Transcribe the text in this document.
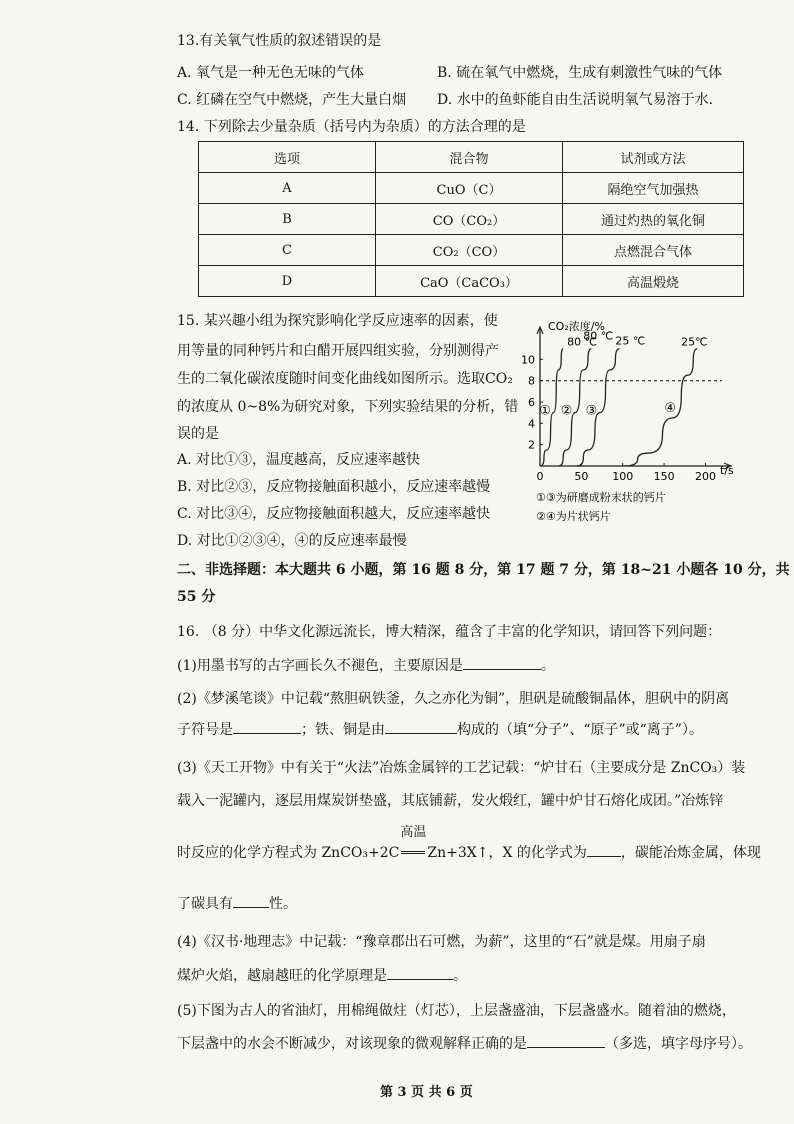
13.有关氧气性质的叙述错误的是
A. 氧气是一种无色无味的气体	B. 硫在氧气中燃烧，生成有刺激性气味的气体
C. 红磷在空气中燃烧，产生大量白烟 D. 水中的鱼虾能自由生活说明氧气易溶于水.
14. 下列除去少量杂质（括号内为杂质）的方法合理的是
选项	混合物	试剂或方法
A	CuO（C）	隔绝空气加强热
B	CO（CO₂）	通过灼热的氧化铜
C	CO₂（CO）	点燃混合气体
D	CaO（CaCO₃）	高温煅烧
15. 某兴趣小组为探究影响化学反应速率的因素，使
用等量的同种钙片和白醋开展四组实验，分别测得产
生的二氧化碳浓度随时间变化曲线如图所示。选取CO₂
的浓度从 0~8%为研究对象，下列实验结果的分析，错
误的是
A. 对比①③，温度越高，反应速率越快
B. 对比②③，反应物接触面积越小，反应速率越慢
C. 对比③④，反应物接触面积越大，反应速率越快
D. 对比①②③④，④的反应速率最慢
0	50 100 150 200
2
4
6
8
10
①
80 ℃
②
80 ℃
③
25 ℃
④
25℃
CO₂浓度/%
t/s
①③为研磨成粉末状的钙片
②④为片状钙片
二、非选择题：本大题共 6 小题，第 16 题 8 分，第 17 题 7 分，第 18~21 小题各 10 分，共
55 分
16. （8 分）中华文化源远流长，博大精深，蕴含了丰富的化学知识，请回答下列问题：
(1)用墨书写的古字画长久不褪色，主要原因是	。
(2)《梦溪笔谈》中记载“熬胆矾铁釜，久之亦化为铜”，胆矾是硫酸铜晶体，胆矾中的阴离
子符号是	；铁、铜是由	构成的（填“分子”、“原子”或“离子”）。
(3)《天工开物》中有关于“火法”冶炼金属锌的工艺记载：“炉甘石（主要成分是 ZnCO₃）装
载入一泥罐内，逐层用煤炭饼垫盛，其底铺薪，发火煅红，罐中炉甘石熔化成团。”冶炼锌
时反应的化学方程式为 ZnCO₃+2C
高温
Zn+3X↑，X 的化学式为 ，碳能冶炼金属，体现
了碳具有	性。
(4)《汉书·地理志》中记载：“豫章郡出石可燃，为薪”，这里的“石”就是煤。用扇子扇
煤炉火焰，越扇越旺的化学原理是	。
(5)下图为古人的省油灯，用棉绳做炷（灯芯），上层盏盛油，下层盏盛水。随着油的燃烧，
下层盏中的水会不断减少，对该现象的微观解释正确的是	（多选，填字母序号）。
第 3 页 共 6 页
